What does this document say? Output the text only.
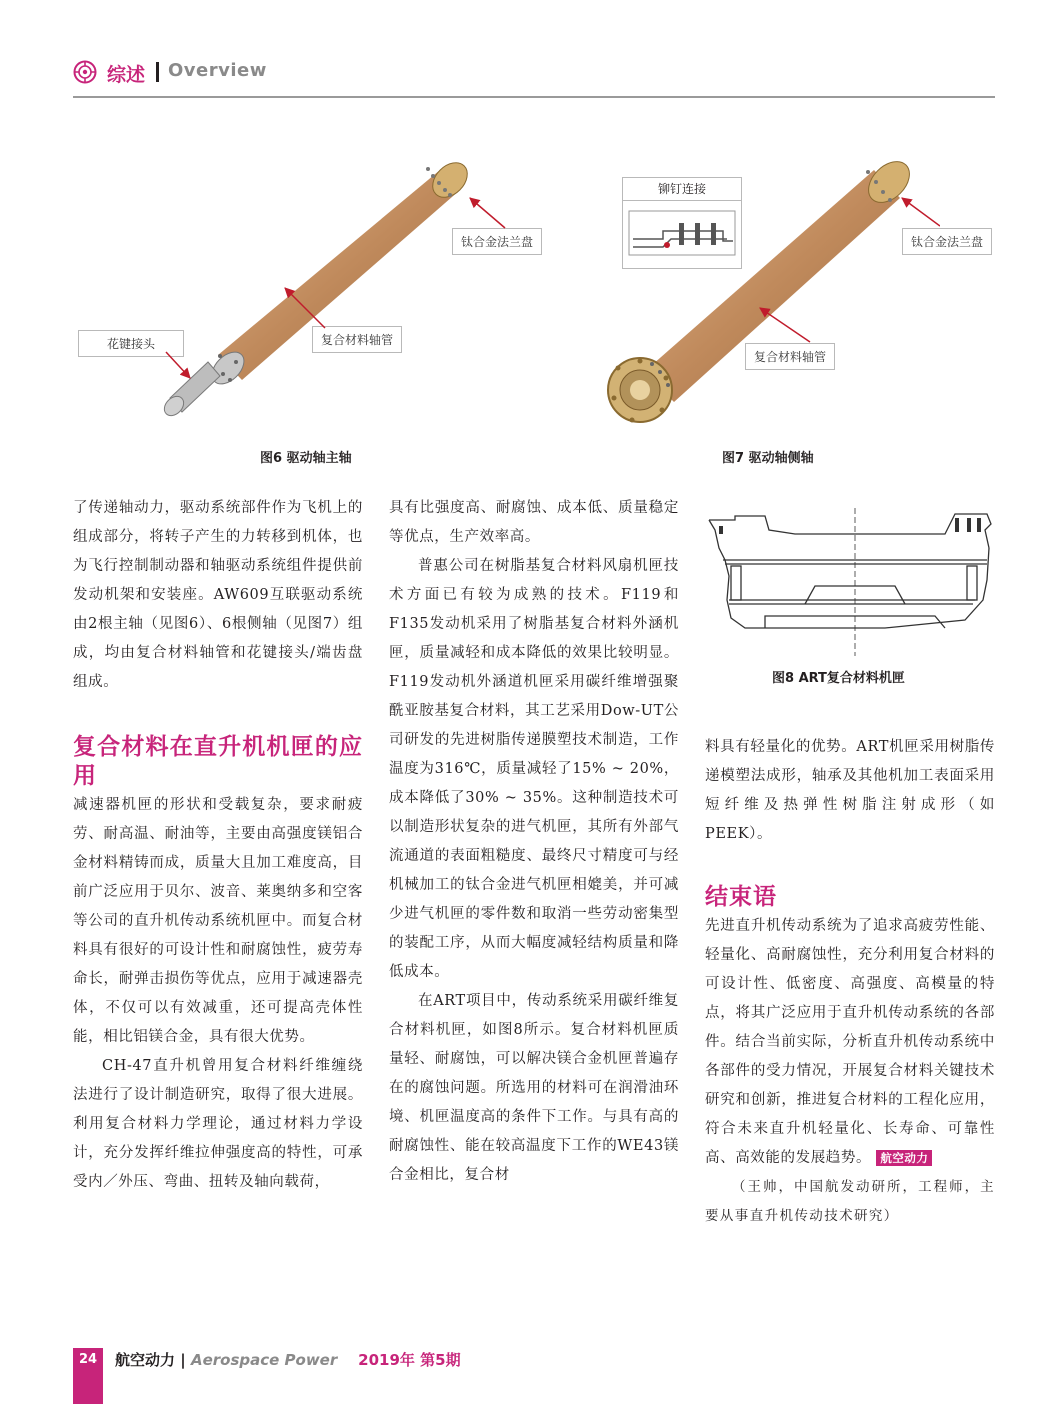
综述 Overview
钛合金法兰盘
复合材料轴管
花键接头
图6 驱动轴主轴
铆钉连接
钛合金法兰盘
复合材料轴管
图7 驱动轴侧轴

了传递轴动力，驱动系统部件作为飞机上的组成部分，将转子产生的力转移到机体，也为飞行控制制动器和轴驱动系统组件提供前发动机架和安装座。AW609互联驱动系统由2根主轴（见图6）、6根侧轴（见图7）组成，均由复合材料轴管和花键接头/端齿盘组成。

复合材料在直升机机匣的应用

减速器机匣的形状和受载复杂，要求耐疲劳、耐高温、耐油等，主要由高强度镁铝合金材料精铸而成，质量大且加工难度高，目前广泛应用于贝尔、波音、莱奥纳多和空客等公司的直升机传动系统机匣中。而复合材料具有很好的可设计性和耐腐蚀性，疲劳寿命长，耐弹击损伤等优点，应用于减速器壳体，不仅可以有效减重，还可提高壳体性能，相比铝镁合金，具有很大优势。

CH-47直升机曾用复合材料纤维缠绕法进行了设计制造研究，取得了很大进展。利用复合材料力学理论，通过材料力学设计，充分发挥纤维拉伸强度高的特性，可承受内／外压、弯曲、扭转及轴向载荷，

具有比强度高、耐腐蚀、成本低、质量稳定等优点，生产效率高。

普惠公司在树脂基复合材料风扇机匣技术方面已有较为成熟的技术。F119和F135发动机采用了树脂基复合材料外涵机匣，质量减轻和成本降低的效果比较明显。F119发动机外涵道机匣采用碳纤维增强聚酰亚胺基复合材料，其工艺采用Dow-UT公司研发的先进树脂传递膜塑技术制造，工作温度为316℃，质量减轻了15% ~ 20%，成本降低了30% ~ 35%。这种制造技术可以制造形状复杂的进气机匣，其所有外部气流通道的表面粗糙度、最终尺寸精度可与经机械加工的钛合金进气机匣相媲美，并可减少进气机匣的零件数和取消一些劳动密集型的装配工序，从而大幅度减轻结构质量和降低成本。

在ART项目中，传动系统采用碳纤维复合材料机匣，如图8所示。复合材料机匣质量轻、耐腐蚀，可以解决镁合金机匣普遍存在的腐蚀问题。所选用的材料可在润滑油环境、机匣温度高的条件下工作。与具有高的耐腐蚀性、能在较高温度下工作的WE43镁合金相比，复合材

图8 ART复合材料机匣

料具有轻量化的优势。ART机匣采用树脂传递模塑法成形，轴承及其他机加工表面采用短纤维及热弹性树脂注射成形（如PEEK）。

结束语

先进直升机传动系统为了追求高疲劳性能、轻量化、高耐腐蚀性，充分利用复合材料的可设计性、低密度、高强度、高模量的特点，将其广泛应用于直升机传动系统的各部件。结合当前实际，分析直升机传动系统中各部件的受力情况，开展复合材料关键技术研究和创新，推进复合材料的工程化应用，符合未来直升机轻量化、长寿命、可靠性高、高效能的发展趋势。 航空动力

（王帅，中国航发动研所，工程师，主要从事直升机传动技术研究）

24	航空动力 | Aerospace Power 2019年 第5期
